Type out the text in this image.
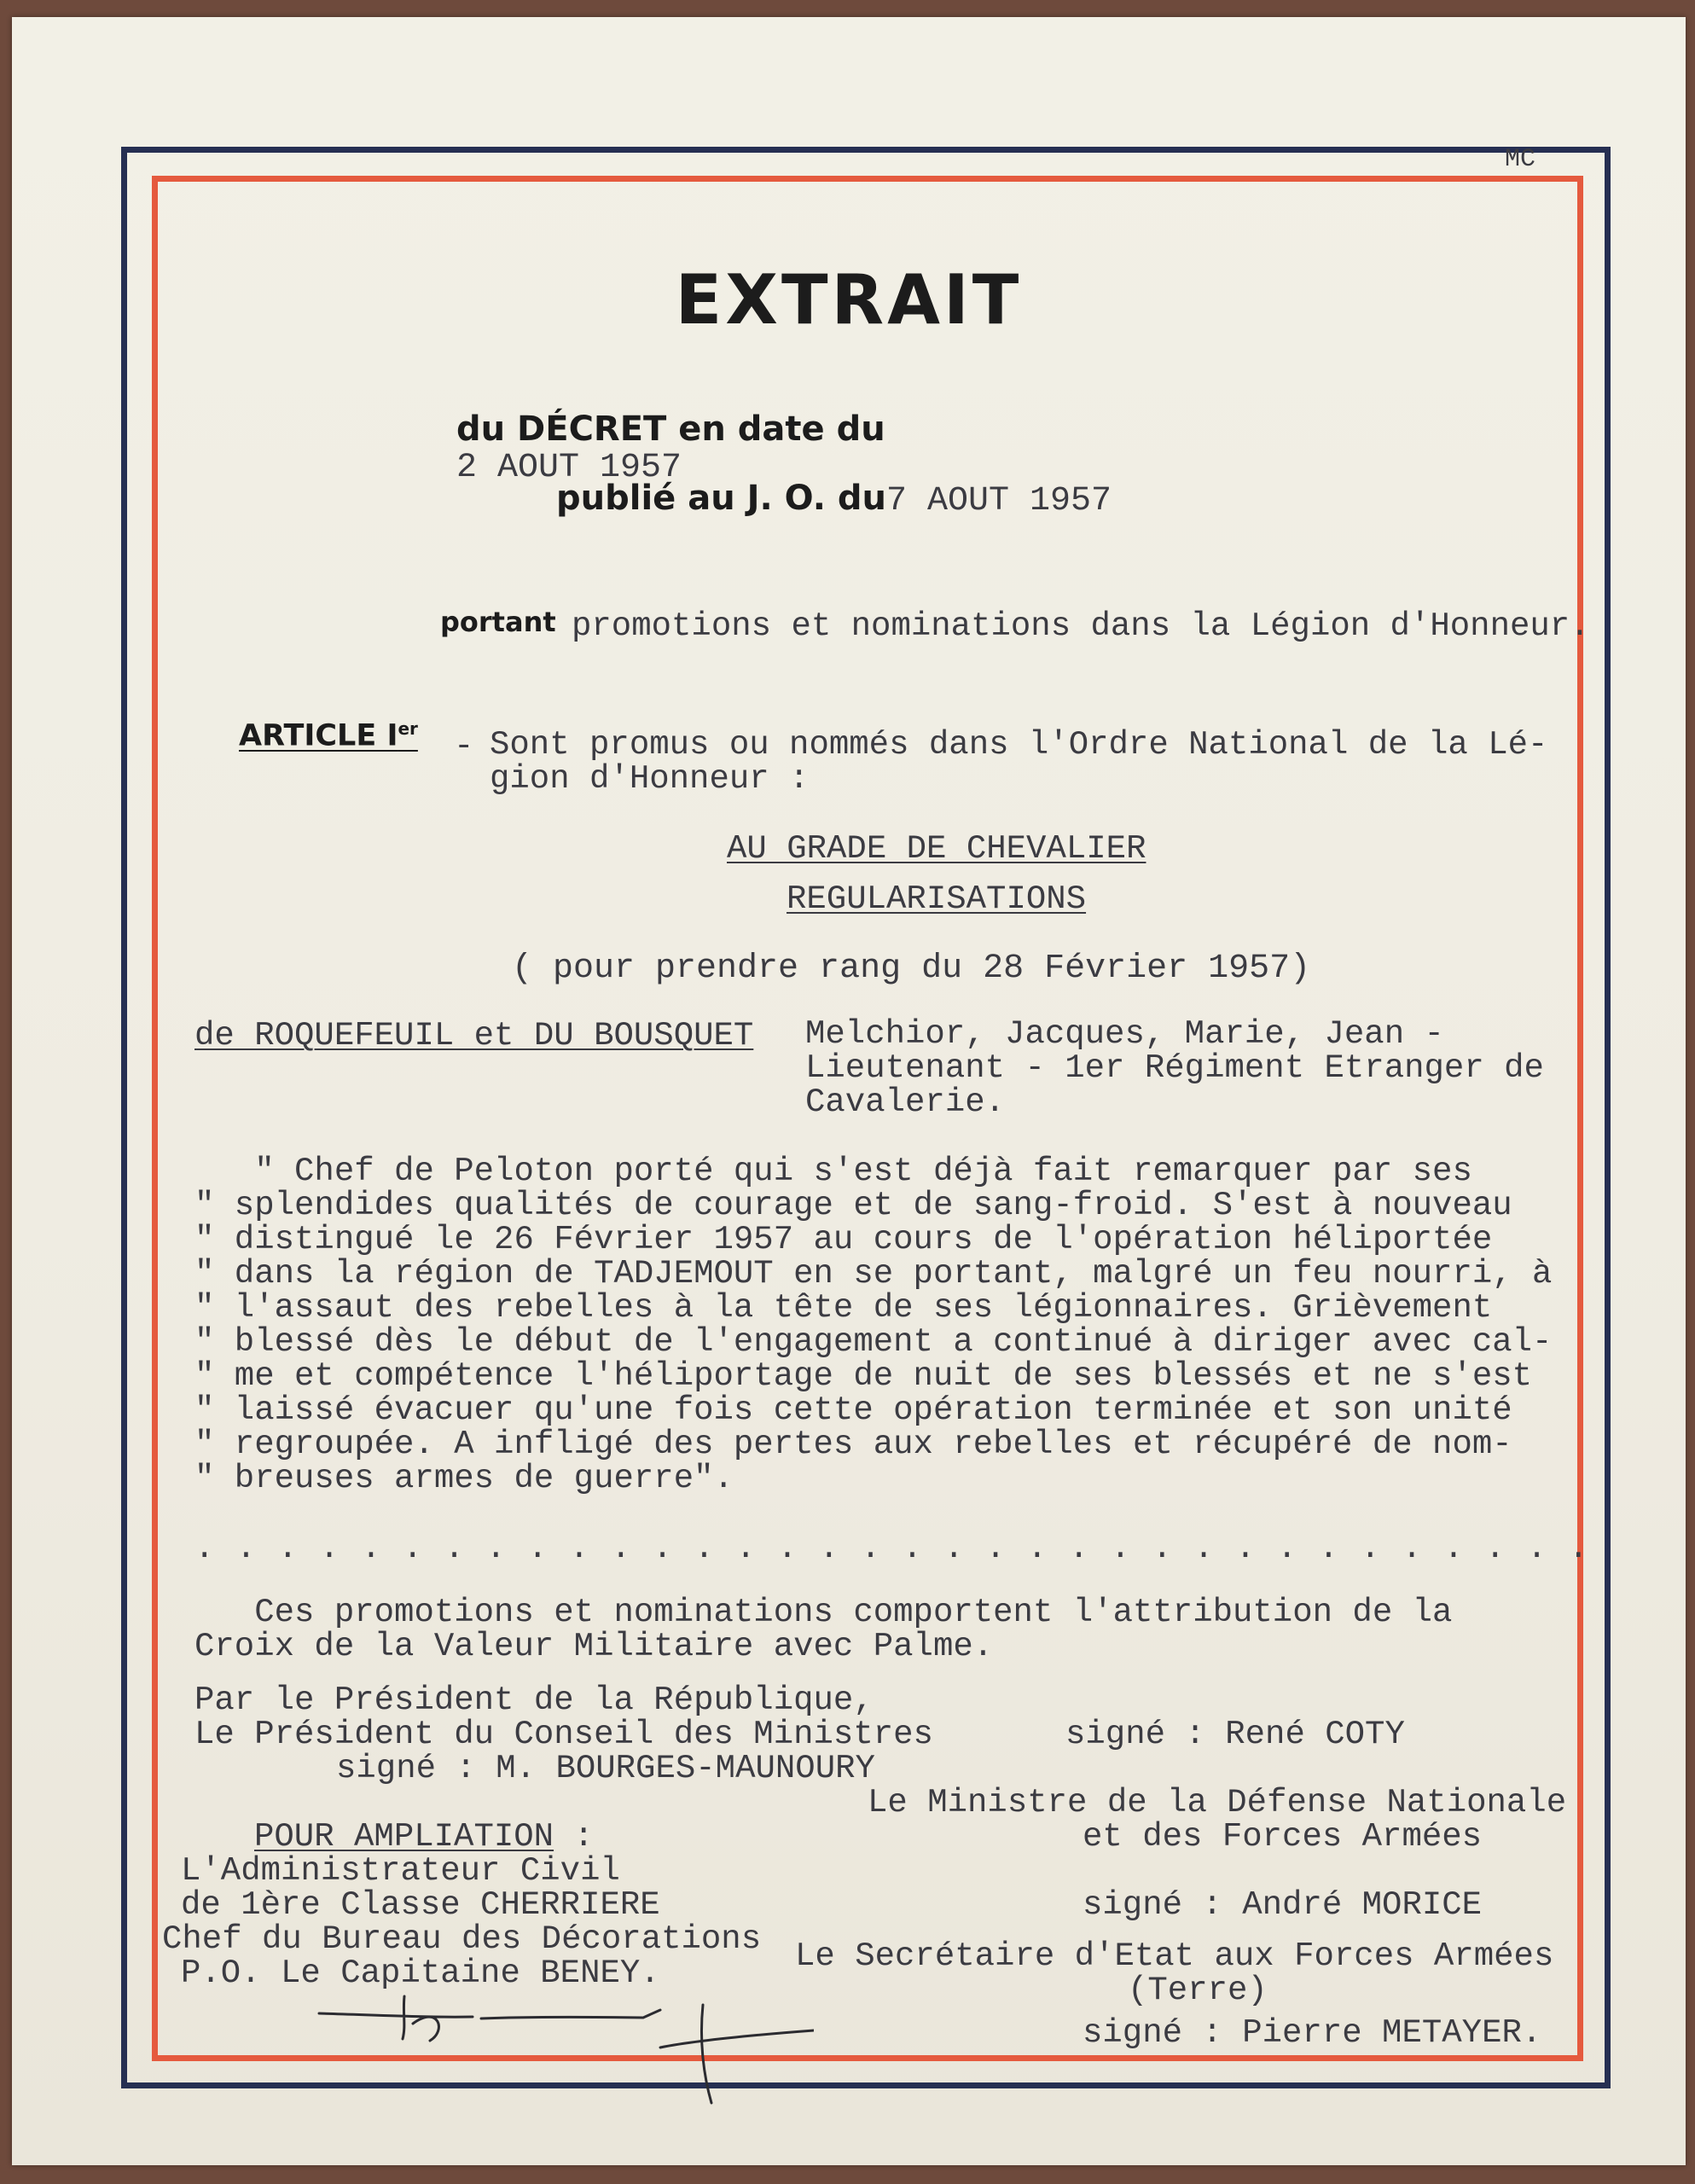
MC
EXTRAIT

du DÉCRET en date du
2 AOUT 1957

publié au J. O. du7 AOUT 1957

portant promotions et nominations dans la Légion d'Honneur.
ARTICLE Ier - Sont promus ou nommés dans l'Ordre National de la Lé-
gion d'Honneur :
AU GRADE DE CHEVALIER
REGULARISATIONS
( pour prendre rang du 28 Février 1957)
de ROQUEFEUIL et DU BOUSQUET Melchior, Jacques, Marie, Jean -
Lieutenant - 1er Régiment Etranger de
Cavalerie.
" Chef de Peloton porté qui s'est déjà fait remarquer par ses
" splendides qualités de courage et de sang-froid. S'est à nouveau
" distingué le 26 Février 1957 au cours de l'opération héliportée
" dans la région de TADJEMOUT en se portant, malgré un feu nourri, à
" l'assaut des rebelles à la tête de ses légionnaires. Grièvement
" blessé dès le début de l'engagement a continué à diriger avec cal-
" me et compétence l'héliportage de nuit de ses blessés et ne s'est
" laissé évacuer qu'une fois cette opération terminée et son unité
" regroupée. A infligé des pertes aux rebelles et récupéré de nom-
" breuses armes de guerre".
. . . . . . . . . . . . . . . . . . . . . . . . . . . . . . . . . .
Ces promotions et nominations comportent l'attribution de la
Croix de la Valeur Militaire avec Palme.
Par le Président de la République,
Le Président du Conseil des Ministres
signé : M. BOURGES-MAUNOURY
signé : René COTY
Le Ministre de la Défense Nationale
et des Forces Armées
signé : André MORICE
Le Secrétaire d'Etat aux Forces Armées
(Terre)
signé : Pierre METAYER.
POUR AMPLIATION :
L'Administrateur Civil
de 1ère Classe CHERRIERE
Chef du Bureau des Décorations
P.O. Le Capitaine BENEY.
